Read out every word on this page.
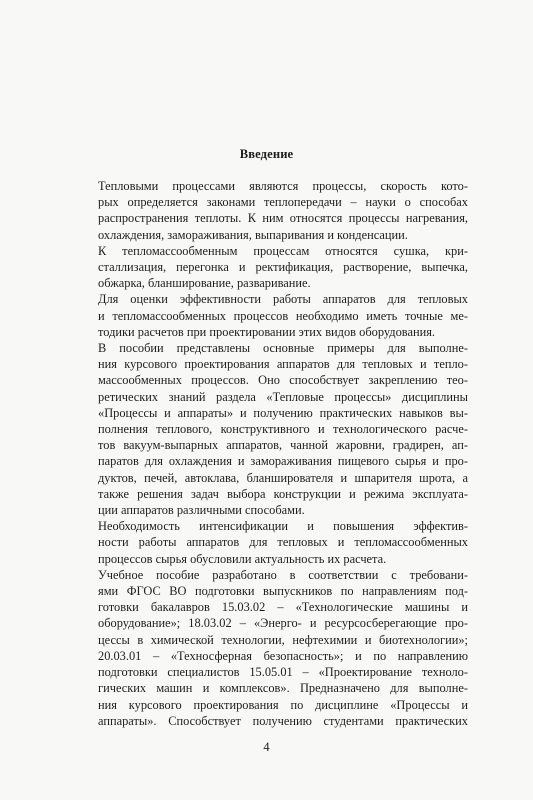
Введение

Тепловыми процессами являются процессы, скорость кото-
рых определяется законами теплопередачи – науки о способах
распространения теплоты. К ним относятся процессы нагревания,
охлаждения, замораживания, выпаривания и конденсации.

К тепломассообменным процессам относятся сушка, кри-
сталлизация, перегонка и ректификация, растворение, выпечка,
обжарка, бланширование, разваривание.

Для оценки эффективности работы аппаратов для тепловых
и тепломассообменных процессов необходимо иметь точные ме-
тодики расчетов при проектировании этих видов оборудования.

В пособии представлены основные примеры для выполне-
ния курсового проектирования аппаратов для тепловых и тепло-
массообменных процессов. Оно способствует закреплению тео-
ретических знаний раздела «Тепловые процессы» дисциплины
«Процессы и аппараты» и получению практических навыков вы-
полнения теплового, конструктивного и технологического расче-
тов вакуум-выпарных аппаратов, чанной жаровни, градирен, ап-
паратов для охлаждения и замораживания пищевого сырья и про-
дуктов, печей, автоклава, бланширователя и шпарителя шрота, а
также решения задач выбора конструкции и режима эксплуата-
ции аппаратов различными способами.

Необходимость интенсификации и повышения эффектив-
ности работы аппаратов для тепловых и тепломассообменных
процессов сырья обусловили актуальность их расчета.

Учебное пособие разработано в соответствии с требовани-
ями ФГОС ВО подготовки выпускников по направлениям под-
готовки бакалавров 15.03.02 – «Технологические машины и
оборудование»; 18.03.02 – «Энерго- и ресурсосберегающие про-
цессы в химической технологии, нефтехимии и биотехнологии»;
20.03.01 – «Техносферная безопасность»; и по направлению
подготовки специалистов 15.05.01 – «Проектирование техноло-
гических машин и комплексов». Предназначено для выполне-
ния курсового проектирования по дисциплине «Процессы и
аппараты». Способствует получению студентами практических

4
